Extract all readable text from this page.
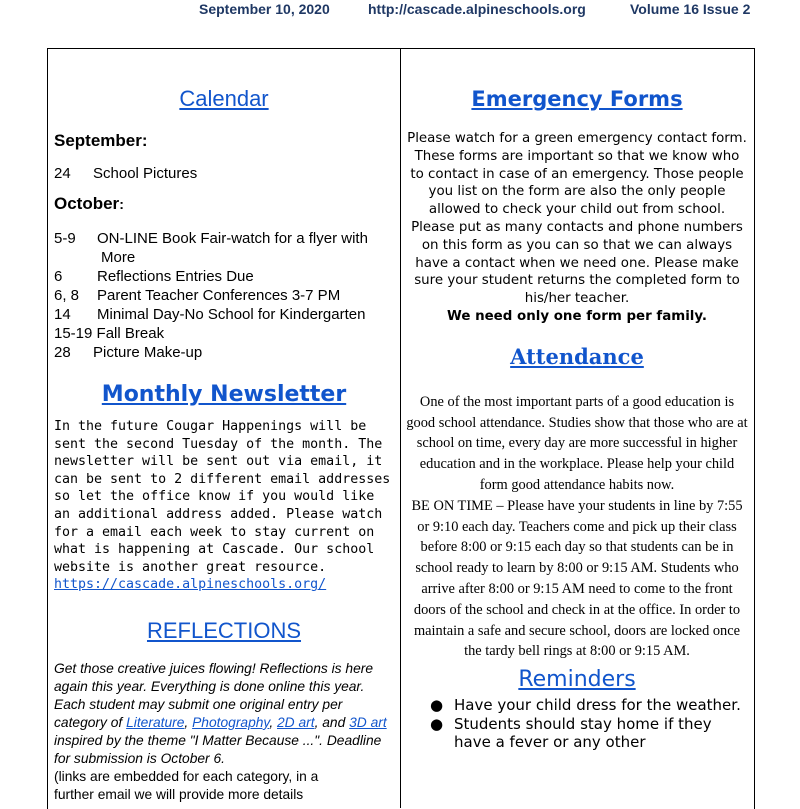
September 10, 2020	http://cascade.alpineschools.org	Volume 16 Issue 2
Calendar

September:

24 School Pictures

October:

5-9 ON-LINE Book Fair-watch for a flyer with
More
6 Reflections Entries Due
6, 8 Parent Teacher Conferences 3-7 PM
14 Minimal Day-No School for Kindergarten
15-19 Fall Break
28 Picture Make-up
Monthly Newsletter

In the future Cougar Happenings will be sent the second Tuesday of the month. The newsletter will be sent out via email, it can be sent to 2 different email addresses so let the office know if you would like an additional address added. Please watch for a email each week to stay current on what is happening at Cascade. Our school website is another great resource. https://cascade.alpineschools.org/

REFLECTIONS

Get those creative juices flowing! Reflections is here again this year. Everything is done online this year. Each student may submit one original entry per category of Literature, Photography, 2D art, and 3D art inspired by the theme "I Matter Because ...". Deadline for submission is October 6.

(links are embedded for each category, in a

further email we will provide more details

Emergency Forms

Please watch for a green emergency contact form. These forms are important so that we know who to contact in case of an emergency. Those people you list on the form are also the only people allowed to check your child out from school. Please put as many contacts and phone numbers on this form as you can so that we can always have a contact when we need one. Please make sure your student returns the completed form to his/her teacher.

We need only one form per family.

Attendance

One of the most important parts of a good education is good school attendance. Studies show that those who are at school on time, every day are more successful in higher education and in the workplace. Please help your child form good attendance habits now.

BE ON TIME – Please have your students in line by 7:55 or 9:10 each day. Teachers come and pick up their class before 8:00 or 9:15 each day so that students can be in school ready to learn by 8:00 or 9:15 AM. Students who arrive after 8:00 or 9:15 AM need to come to the front doors of the school and check in at the office. In order to maintain a safe and secure school, doors are locked once the tardy bell rings at 8:00 or 9:15 AM.

Reminders
● Have your child dress for the weather.
● Students should stay home if they have a fever or any other
